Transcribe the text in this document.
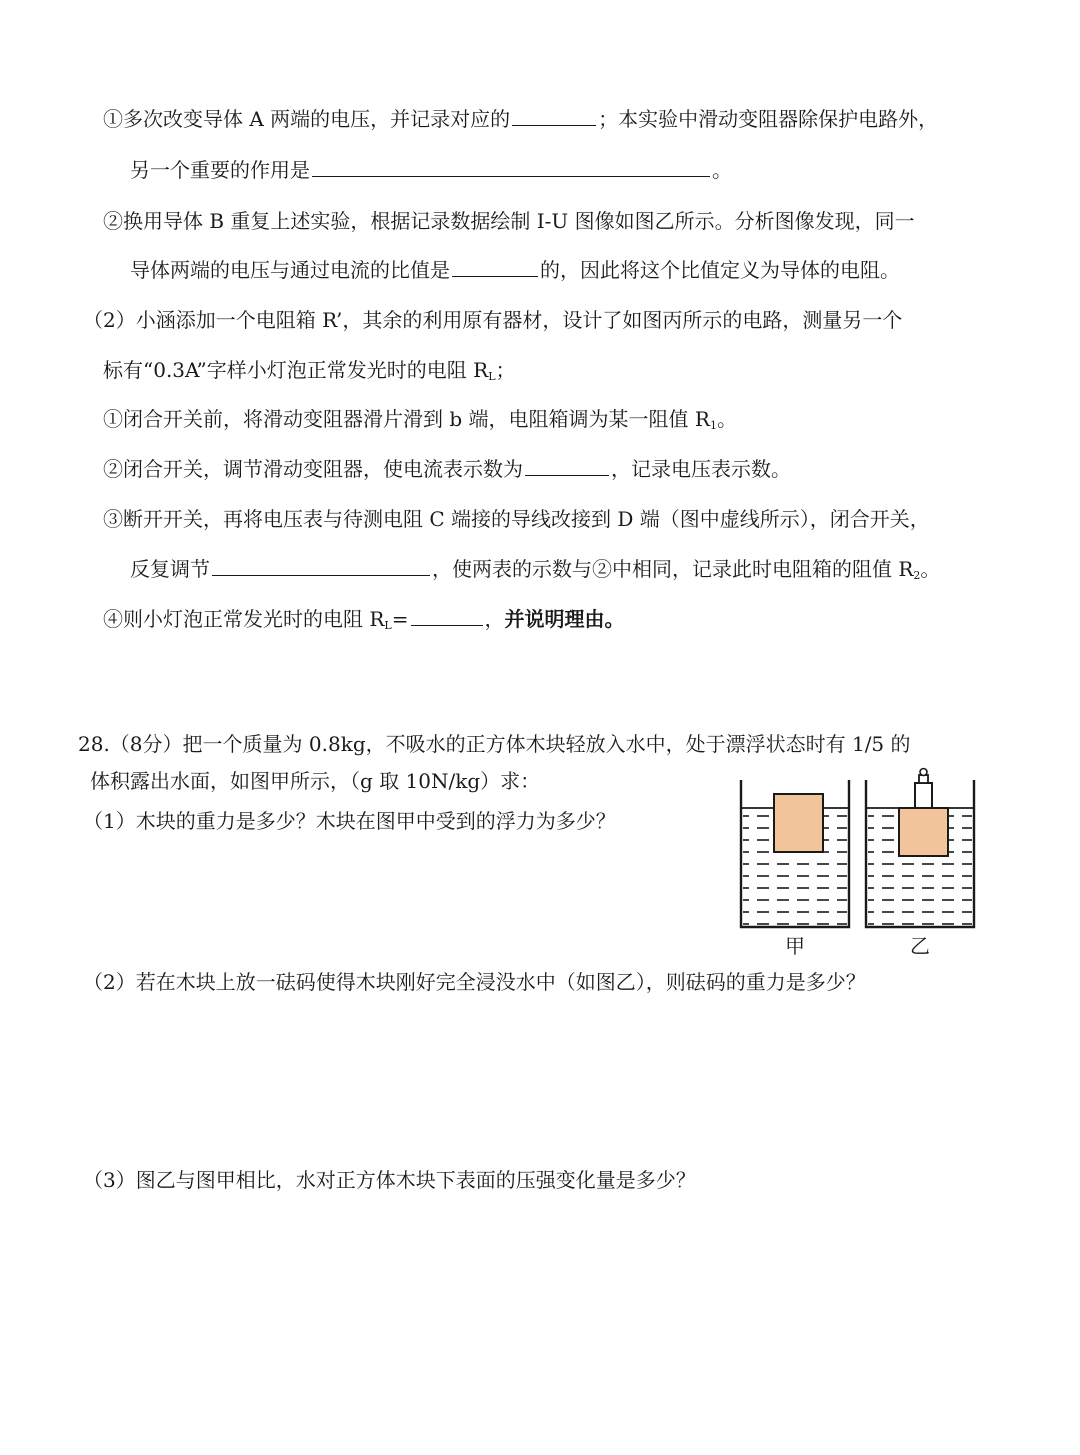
①多次改变导体 A 两端的电压，并记录对应的	；本实验中滑动变阻器除保护电路外，
另一个重要的作用是	。
②换用导体 B 重复上述实验，根据记录数据绘制 I-U 图像如图乙所示。分析图像发现，同一
导体两端的电压与通过电流的比值是	的，因此将这个比值定义为导体的电阻。
（2）小涵添加一个电阻箱 R’，其余的利用原有器材，设计了如图丙所示的电路，测量另一个
标有“0.3A”字样小灯泡正常发光时的电阻 $R_L$；
①闭合开关前，将滑动变阻器滑片滑到 b 端，电阻箱调为某一阻值 $R_1$。
②闭合开关，调节滑动变阻器，使电流表示数为	，记录电压表示数。
③断开开关，再将电压表与待测电阻 C 端接的导线改接到 D 端（图中虚线所示），闭合开关，
反复调节	，使两表的示数与②中相同，记录此时电阻箱的阻值 $R_2$。
④则小灯泡正常发光时的电阻 $R_L=$	，并说明理由。
28.（8分）把一个质量为 0.8kg，不吸水的正方体木块轻放入水中，处于漂浮状态时有 1/5 的
体积露出水面，如图甲所示，（g 取 10N/kg）求：
（1）木块的重力是多少？木块在图甲中受到的浮力为多少？
甲	乙
（2）若在木块上放一砝码使得木块刚好完全浸没水中（如图乙），则砝码的重力是多少？
（3）图乙与图甲相比，水对正方体木块下表面的压强变化量是多少？
